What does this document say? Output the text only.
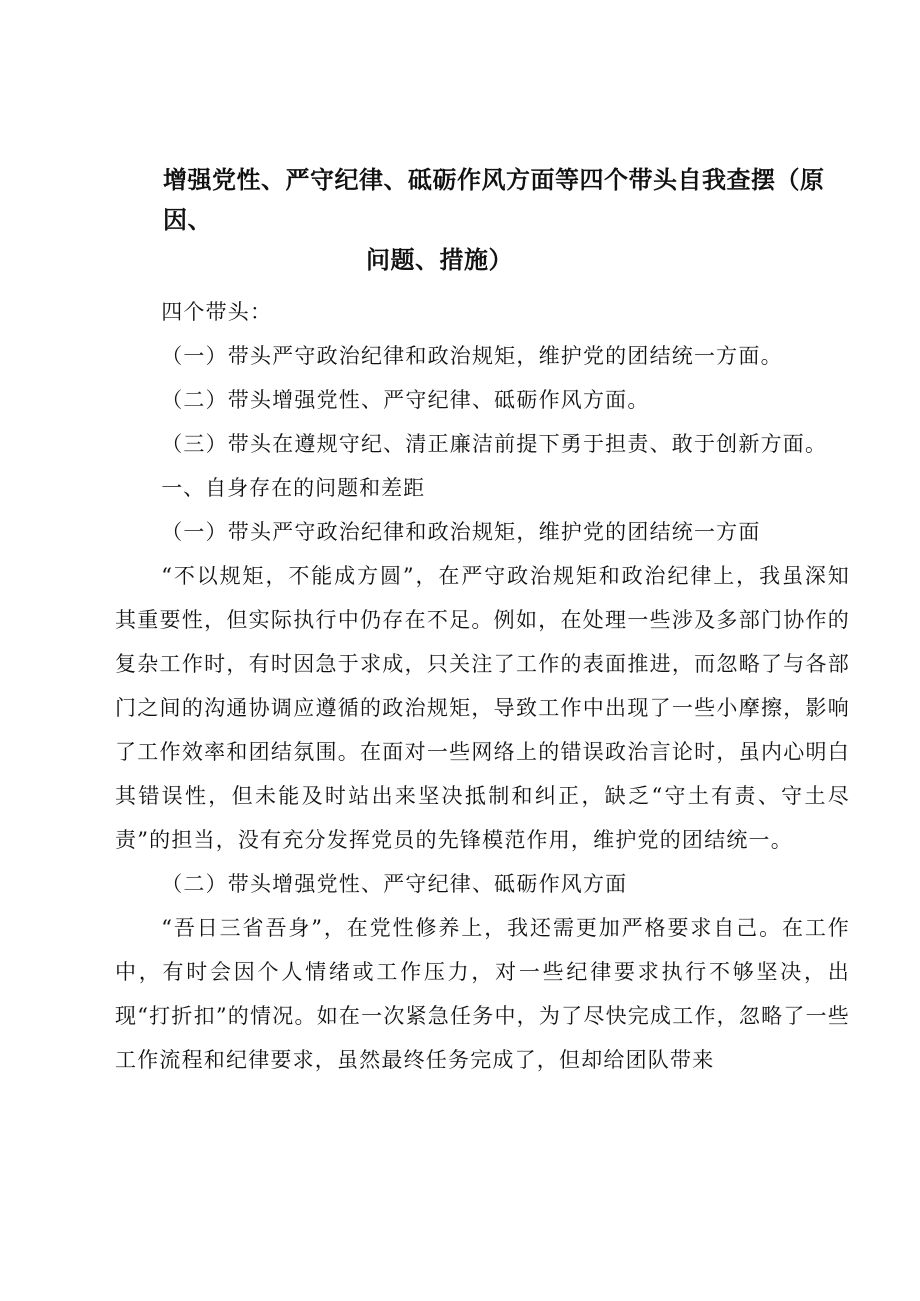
增强党性、严守纪律、砥砺作风方面等四个带头自我查摆（原因、
问题、措施）

四个带头：

（一）带头严守政治纪律和政治规矩，维护党的团结统一方面。

（二）带头增强党性、严守纪律、砥砺作风方面。

（三）带头在遵规守纪、清正廉洁前提下勇于担责、敢于创新方面。

一、自身存在的问题和差距

（一）带头严守政治纪律和政治规矩，维护党的团结统一方面

“不以规矩，不能成方圆”，在严守政治规矩和政治纪律上，我虽深知其重要性，但实际执行中仍存在不足。例如，在处理一些涉及多部门协作的复杂工作时，有时因急于求成，只关注了工作的表面推进，而忽略了与各部门之间的沟通协调应遵循的政治规矩，导致工作中出现了一些小摩擦，影响了工作效率和团结氛围。在面对一些网络上的错误政治言论时，虽内心明白其错误性，但未能及时站出来坚决抵制和纠正，缺乏“守土有责、守土尽责”的担当，没有充分发挥党员的先锋模范作用，维护党的团结统一。

（二）带头增强党性、严守纪律、砥砺作风方面

“吾日三省吾身”，在党性修养上，我还需更加严格要求自己。在工作中，有时会因个人情绪或工作压力，对一些纪律要求执行不够坚决，出现“打折扣”的情况。如在一次紧急任务中，为了尽快完成工作，忽略了一些工作流程和纪律要求，虽然最终任务完成了，但却给团队带来
